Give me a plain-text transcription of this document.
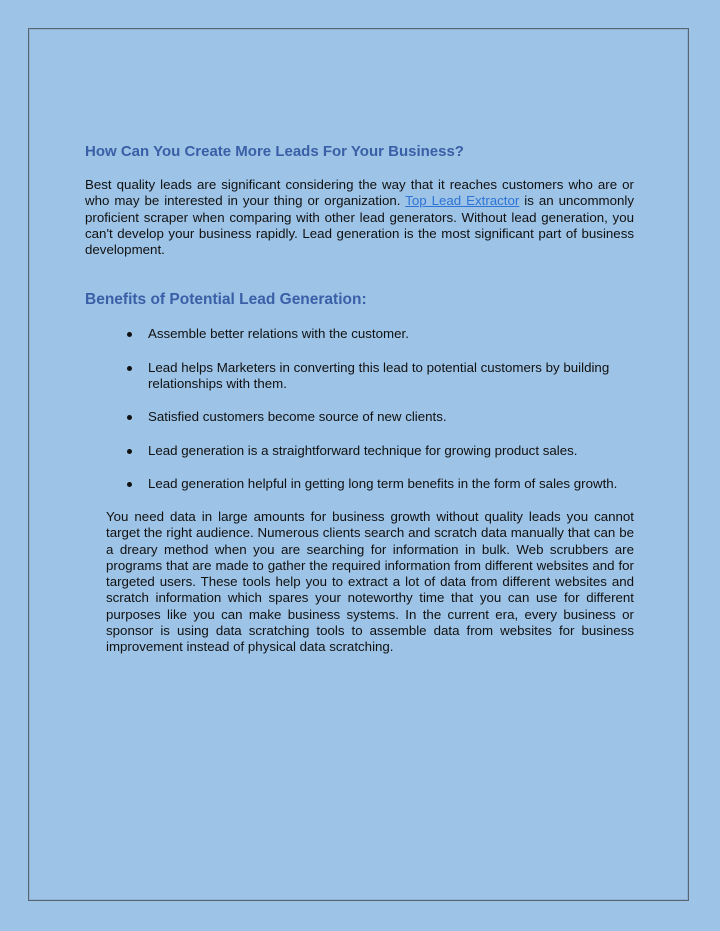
How Can You Create More Leads For Your Business?

Best quality leads are significant considering the way that it reaches customers who are or who may be interested in your thing or organization. Top Lead Extractor is an uncommonly proficient scraper when comparing with other lead generators. Without lead generation, you can't develop your business rapidly. Lead generation is the most significant part of business development.

Benefits of Potential Lead Generation:
Assemble better relations with the customer.
Lead helps Marketers in converting this lead to potential customers by building relationships with them.
Satisfied customers become source of new clients.
Lead generation is a straightforward technique for growing product sales.
Lead generation helpful in getting long term benefits in the form of sales growth.

You need data in large amounts for business growth without quality leads you cannot target the right audience. Numerous clients search and scratch data manually that can be a dreary method when you are searching for information in bulk. Web scrubbers are programs that are made to gather the required information from different websites and for targeted users. These tools help you to extract a lot of data from different websites and scratch information which spares your noteworthy time that you can use for different purposes like you can make business systems. In the current era, every business or sponsor is using data scratching tools to assemble data from websites for business improvement instead of physical data scratching.
